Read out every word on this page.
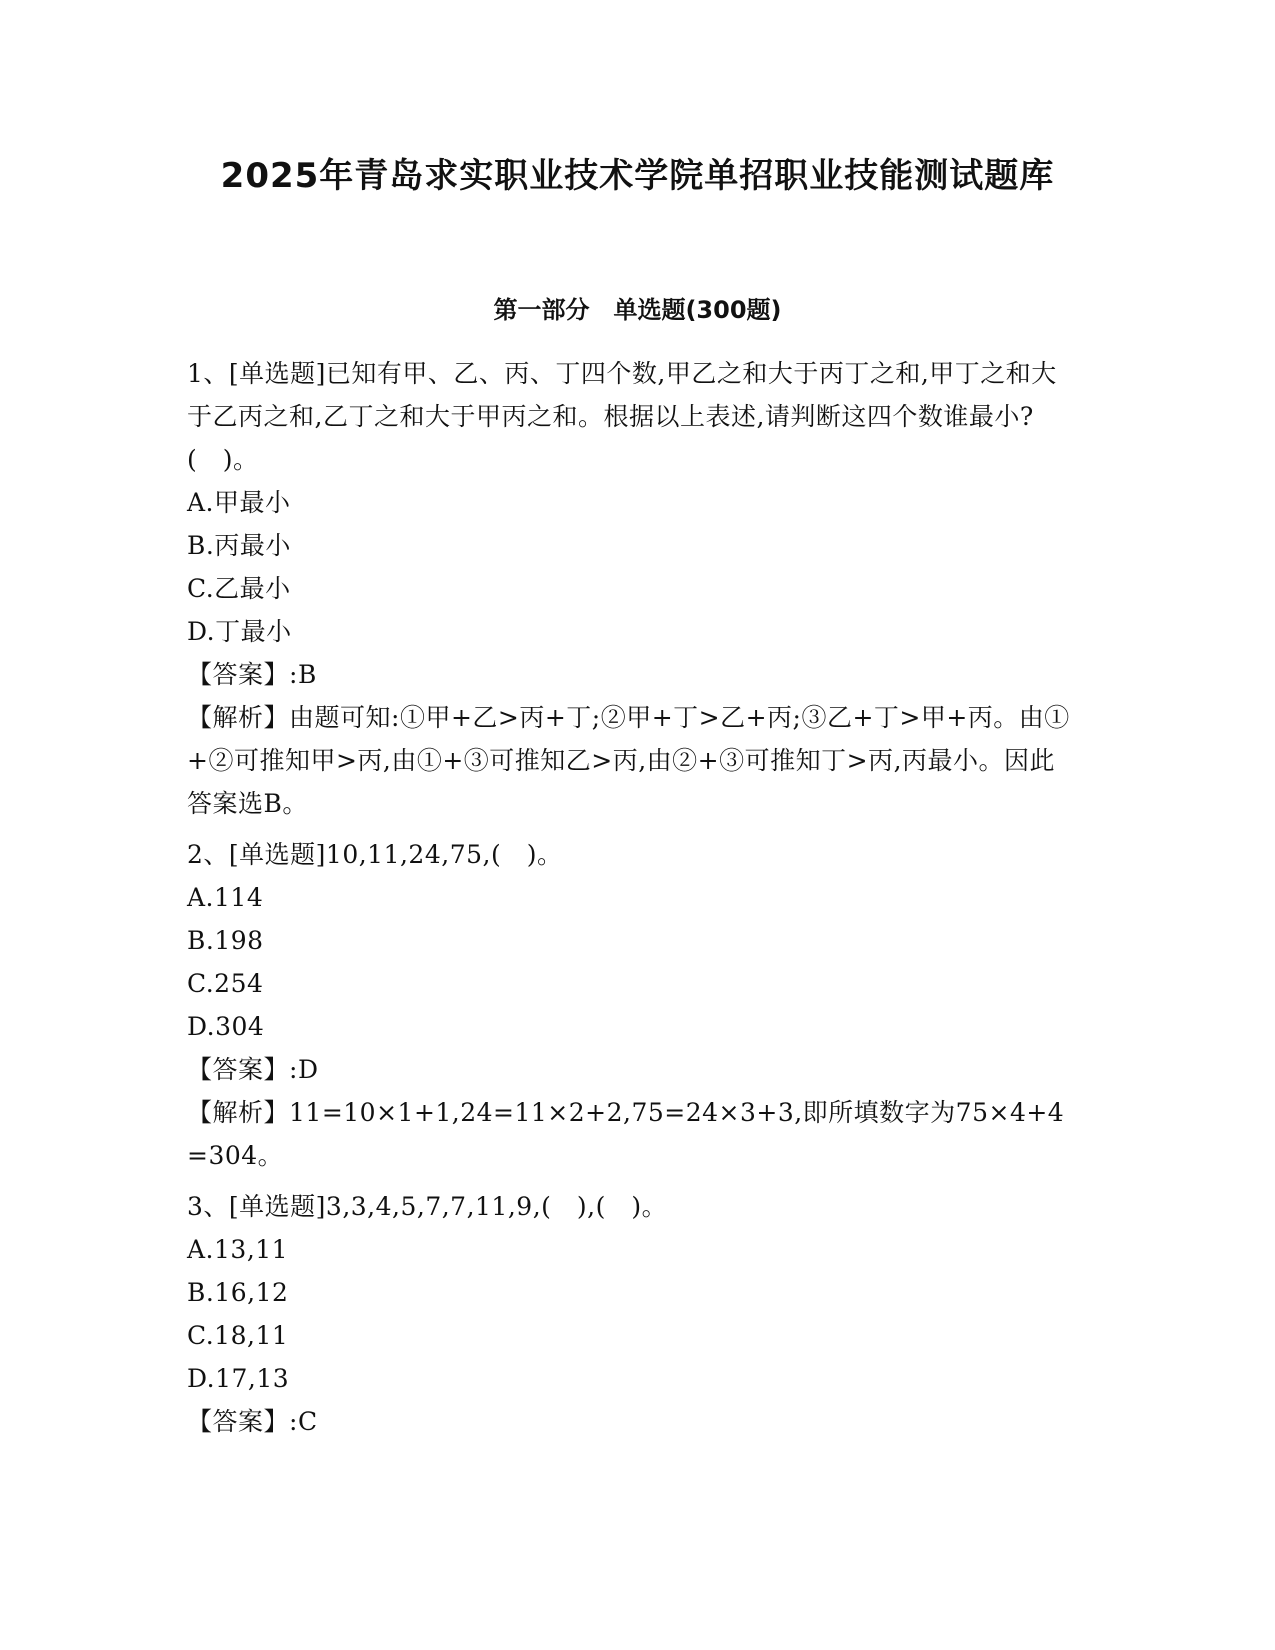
2025年青岛求实职业技术学院单招职业技能测试题库
第一部分　单选题(300题)

1、[单选题]已知有甲、乙、丙、丁四个数,甲乙之和大于丙丁之和,甲丁之和大于乙丙之和,乙丁之和大于甲丙之和。根据以上表述,请判断这四个数谁最小?(　)。

A.甲最小

B.丙最小

C.乙最小

D.丁最小

【答案】:B

【解析】由题可知:①甲+乙>丙+丁;②甲+丁>乙+丙;③乙+丁>甲+丙。由①+②可推知甲>丙,由①+③可推知乙>丙,由②+③可推知丁>丙,丙最小。因此答案选B。

2、[单选题]10,11,24,75,(　)。

A.114

B.198

C.254

D.304

【答案】:D

【解析】11=10×1+1,24=11×2+2,75=24×3+3,即所填数字为75×4+4=304。

3、[单选题]3,3,4,5,7,7,11,9,(　),(　)。

A.13,11

B.16,12

C.18,11

D.17,13

【答案】:C
